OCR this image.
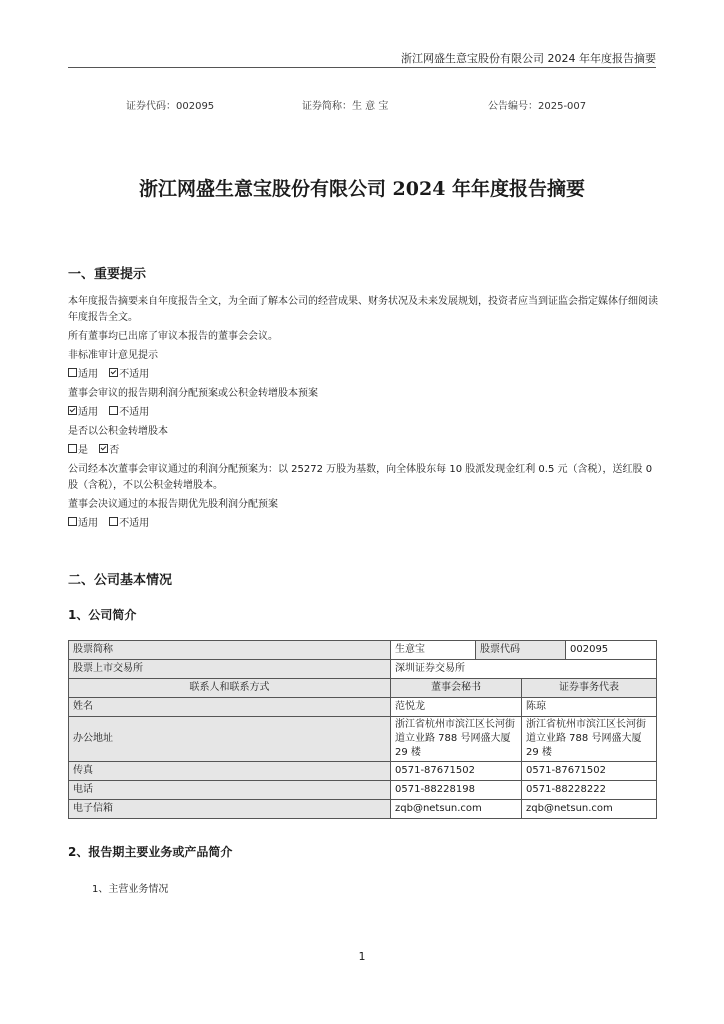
浙江网盛生意宝股份有限公司 2024 年年度报告摘要
证券代码：002095	证券简称：生 意 宝	公告编号：2025-007
浙江网盛生意宝股份有限公司 2024 年年度报告摘要
一、重要提示
本年度报告摘要来自年度报告全文，为全面了解本公司的经营成果、财务状况及未来发展规划，投资者应当到证监会指定媒体仔细阅读年度报告全文。
所有董事均已出席了审议本报告的董事会会议。
非标准审计意见提示
适用 不适用
董事会审议的报告期利润分配预案或公积金转增股本预案
适用 不适用
是否以公积金转增股本
是 否
公司经本次董事会审议通过的利润分配预案为：以 25272 万股为基数，向全体股东每 10 股派发现金红利 0.5 元（含税），送红股 0 股（含税），不以公积金转增股本。
董事会决议通过的本报告期优先股利润分配预案
适用 不适用
二、公司基本情况
1、公司简介
股票简称	生意宝	股票代码		002095
股票上市交易所	深圳证券交易所			
联系人和联系方式	董事会秘书		证券事务代表	
姓名	范悦龙		陈琼	
办公地址	浙江省杭州市滨江区长河街道立业路 788 号网盛大厦 29 楼		浙江省杭州市滨江区长河街道立业路 788 号网盛大厦 29 楼	
传真	0571-87671502		0571-87671502	
电话	0571-88228198		0571-88228222	
电子信箱	zqb@netsun.com		zqb@netsun.com	
2、报告期主要业务或产品简介
1、主营业务情况
1
